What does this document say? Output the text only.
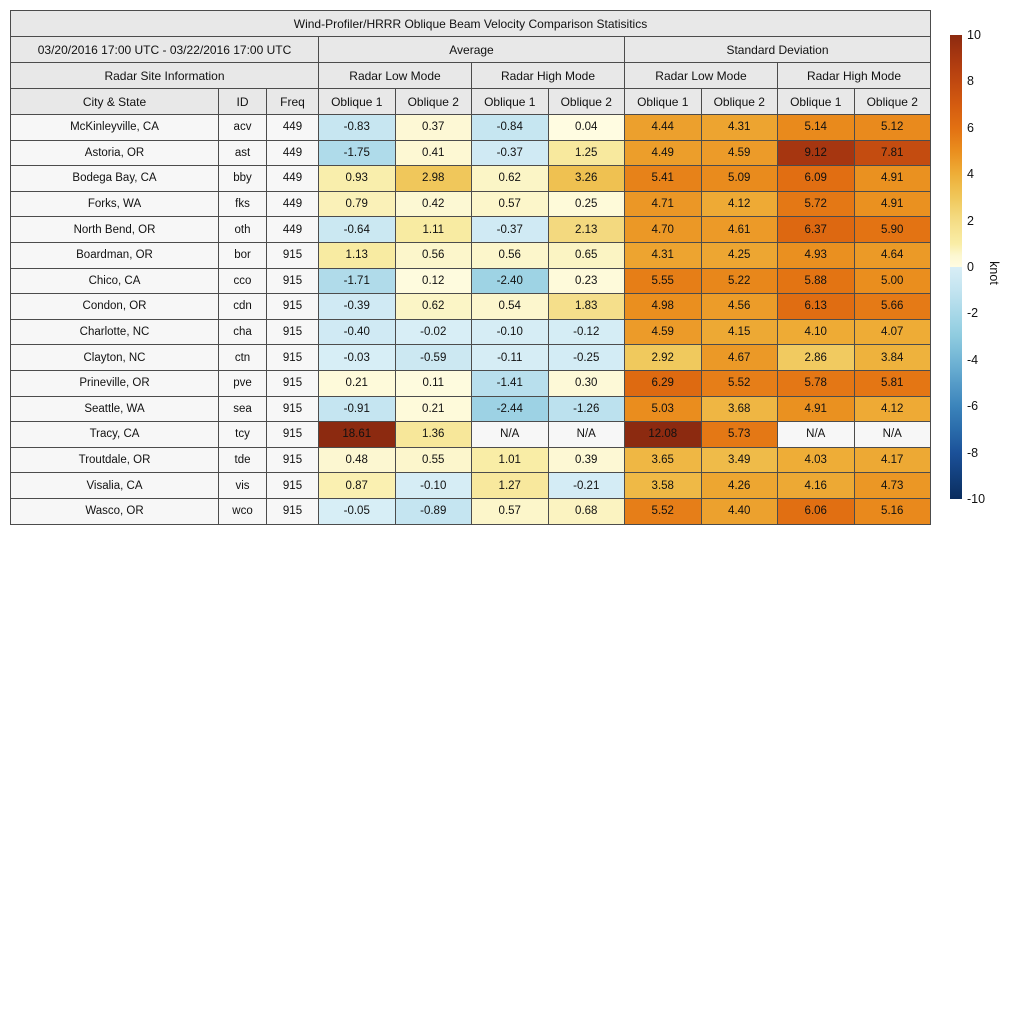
Wind-Profiler/HRRR Oblique Beam Velocity Comparison Statisitics										
03/20/2016 17:00 UTC - 03/22/2016 17:00 UTC			Average				Standard Deviation			
Radar Site Information			Radar Low Mode		Radar High Mode		Radar Low Mode		Radar High Mode	
City & State	ID	Freq	Oblique 1	Oblique 2	Oblique 1	Oblique 2	Oblique 1	Oblique 2	Oblique 1	Oblique 2
McKinleyville, CA	acv	449	-0.83	0.37	-0.84	0.04	4.44	4.31	5.14	5.12
Astoria, OR	ast	449	-1.75	0.41	-0.37	1.25	4.49	4.59	9.12	7.81
Bodega Bay, CA	bby	449	0.93	2.98	0.62	3.26	5.41	5.09	6.09	4.91
Forks, WA	fks	449	0.79	0.42	0.57	0.25	4.71	4.12	5.72	4.91
North Bend, OR	oth	449	-0.64	1.11	-0.37	2.13	4.70	4.61	6.37	5.90
Boardman, OR	bor	915	1.13	0.56	0.56	0.65	4.31	4.25	4.93	4.64
Chico, CA	cco	915	-1.71	0.12	-2.40	0.23	5.55	5.22	5.88	5.00
Condon, OR	cdn	915	-0.39	0.62	0.54	1.83	4.98	4.56	6.13	5.66
Charlotte, NC	cha	915	-0.40	-0.02	-0.10	-0.12	4.59	4.15	4.10	4.07
Clayton, NC	ctn	915	-0.03	-0.59	-0.11	-0.25	2.92	4.67	2.86	3.84
Prineville, OR	pve	915	0.21	0.11	-1.41	0.30	6.29	5.52	5.78	5.81
Seattle, WA	sea	915	-0.91	0.21	-2.44	-1.26	5.03	3.68	4.91	4.12
Tracy, CA	tcy	915	18.61	1.36	N/A	N/A	12.08	5.73	N/A	N/A
Troutdale, OR	tde	915	0.48	0.55	1.01	0.39	3.65	3.49	4.03	4.17
Visalia, CA	vis	915	0.87	-0.10	1.27	-0.21	3.58	4.26	4.16	4.73
Wasco, OR	wco	915	-0.05	-0.89	0.57	0.68	5.52	4.40	6.06	5.16
10
8
6
4
2
0
-2
-4
-6
-8
-10
knot
